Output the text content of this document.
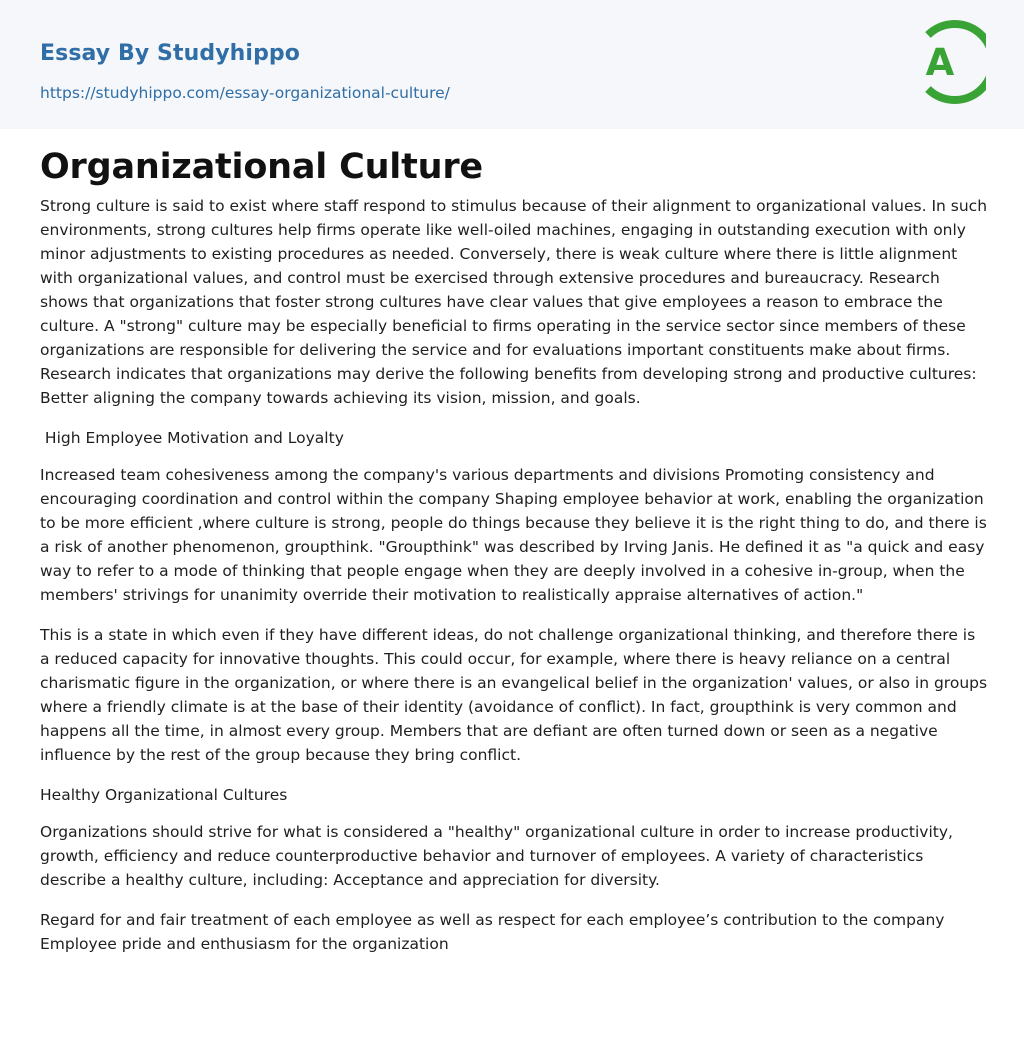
Essay By Studyhippo
https://studyhippo.com/essay-organizational-culture/
A
Organizational Culture

Strong culture is said to exist where staff respond to stimulus because of their alignment to organizational values. In such environments, strong cultures help firms operate like well-oiled machines, engaging in outstanding execution with only minor adjustments to existing procedures as needed. Conversely, there is weak culture where there is little alignment with organizational values, and control must be exercised through extensive procedures and bureaucracy. Research shows that organizations that foster strong cultures have clear values that give employees a reason to embrace the culture. A "strong" culture may be especially beneficial to firms operating in the service sector since members of these organizations are responsible for delivering the service and for evaluations important constituents make about firms. Research indicates that organizations may derive the following benefits from developing strong and productive cultures: Better aligning the company towards achieving its vision, mission, and goals.

High Employee Motivation and Loyalty

Increased team cohesiveness among the company's various departments and divisions Promoting consistency and encouraging coordination and control within the company Shaping employee behavior at work, enabling the organization to be more efficient ,where culture is strong, people do things because they believe it is the right thing to do, and there is a risk of another phenomenon, groupthink. "Groupthink" was described by Irving Janis. He defined it as "a quick and easy way to refer to a mode of thinking that people engage when they are deeply involved in a cohesive in-group, when the members' strivings for unanimity override their motivation to realistically appraise alternatives of action."

This is a state in which even if they have different ideas, do not challenge organizational thinking, and therefore there is a reduced capacity for innovative thoughts. This could occur, for example, where there is heavy reliance on a central charismatic figure in the organization, or where there is an evangelical belief in the organization' values, or also in groups where a friendly climate is at the base of their identity (avoidance of conflict). In fact, groupthink is very common and happens all the time, in almost every group. Members that are defiant are often turned down or seen as a negative influence by the rest of the group because they bring conflict.

Healthy Organizational Cultures

Organizations should strive for what is considered a "healthy" organizational culture in order to increase productivity, growth, efficiency and reduce counterproductive behavior and turnover of employees. A variety of characteristics describe a healthy culture, including: Acceptance and appreciation for diversity.

Regard for and fair treatment of each employee as well as respect for each employee’s contribution to the company Employee pride and enthusiasm for the organization
